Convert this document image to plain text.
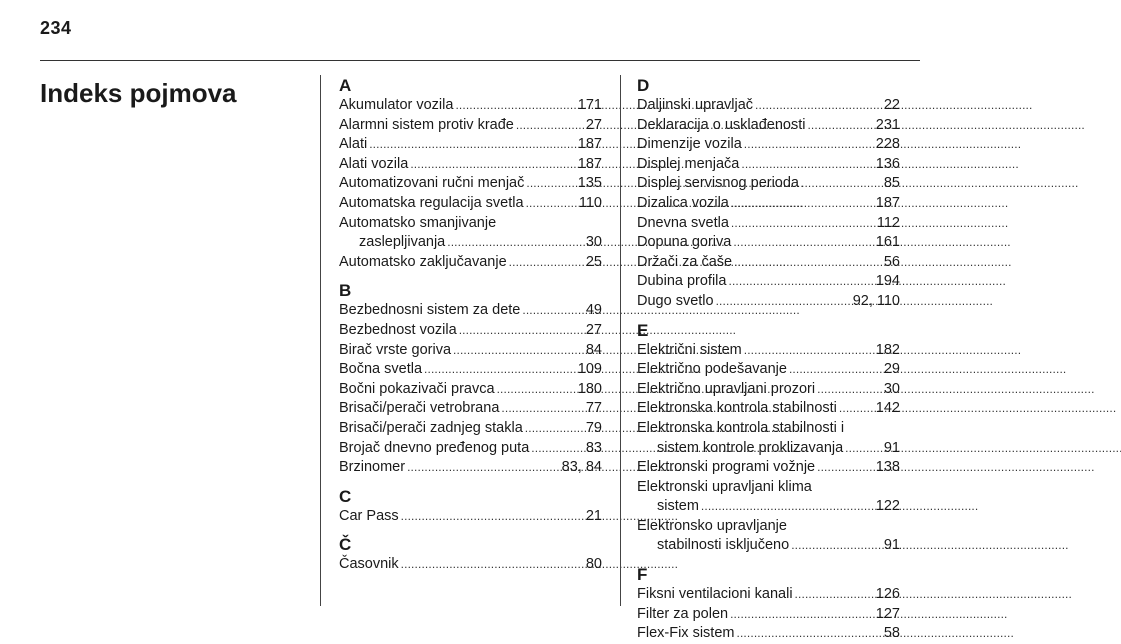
234
Indeks pojmova	A
Akumulator vozila . . .	171
Alarmni sistem protiv krađe . . .	27
Alati . . .	187
Alati vozila . . .	187
Automatizovani ručni menjač . . .	135
Automatska regulacija svetla . . .	110
Automatsko smanjivanje
zaslepljivanja . . .	30
Automatsko zaključavanje . . .	25
B
Bezbednosni sistem za dete . . .	49
Bezbednost vozila . . .	27
Birač vrste goriva . . .	84
Bočna svetla . . .	109
Bočni pokazivači pravca . . .	180
Brisači/perači vetrobrana . . .	77
Brisači/perači zadnjeg stakla . . .	79
Brojač dnevno pređenog puta . . .	83
Brzinomer . . .	83, 84
C
Car Pass . . .	21
Č
Časovnik . . .	80
D
Daljinski upravljač . . .	22
Deklaracija o usklađenosti . . .	231
Dimenzije vozila . . .	228
Displej menjača . . .	136
Displej servisnog perioda . . .	85
Dizalica vozila . . .	187
Dnevna svetla . . .	112
Dopuna goriva . . .	161
Držači za čaše . . .	56
Dubina profila . . .	194
Dugo svetlo . . .	92, 110
E
Električni sistem . . .	182
Električno podešavanje . . .	29
Električno upravljani prozori . . .	30
Elektronska kontrola stabilnosti . . .	142
Elektronska kontrola stabilnosti i
sistem kontrole proklizavanja . . .	91
Elektronski programi vožnje . . .	138
Elektronski upravljani klima
sistem . . .	122
Elektronsko upravljanje
stabilnosti isključeno . . .	91
F
Fiksni ventilacioni kanali . . .	126
Filter za polen . . .	127
Flex-Fix sistem . . .	58
